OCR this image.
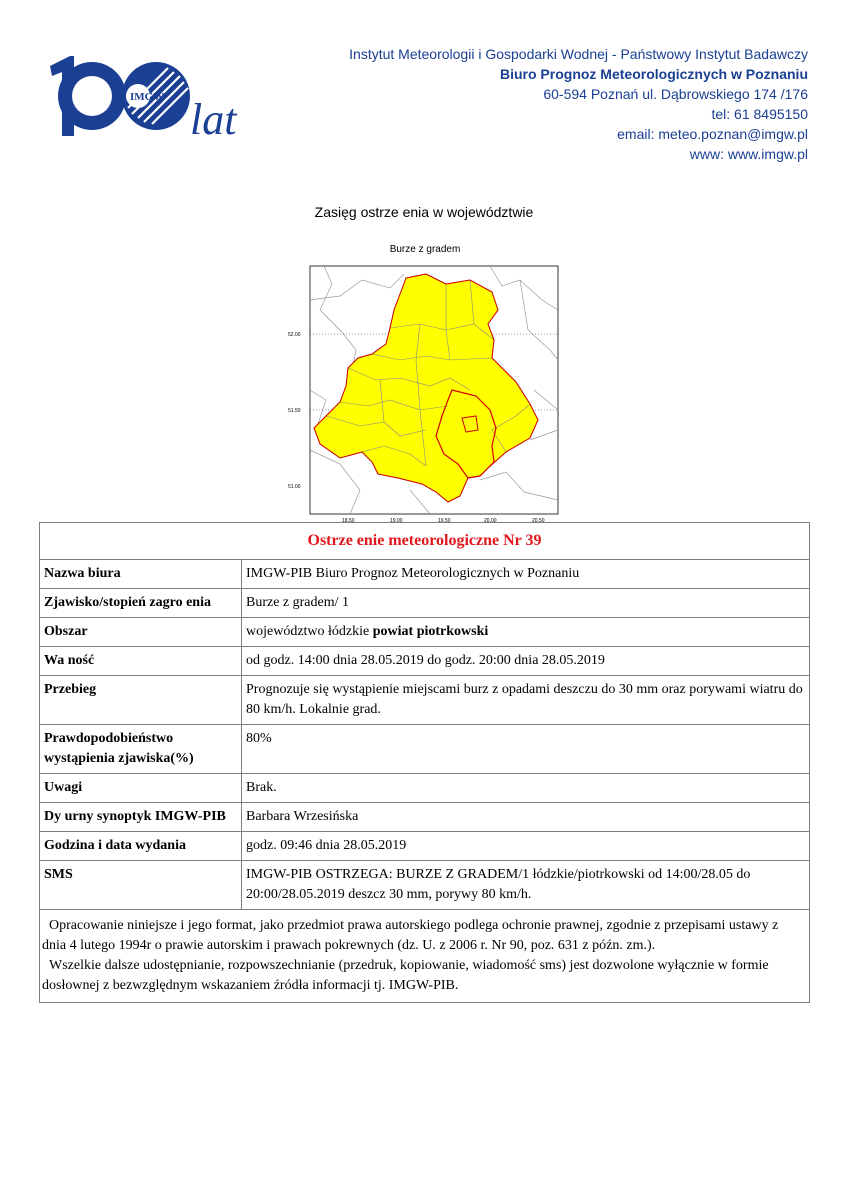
IMGW lat
Instytut Meteorologii i Gospodarki Wodnej - Państwowy Instytut Badawczy
Biuro Prognoz Meteorologicznych w Poznaniu
60-594 Poznań ul. Dąbrowskiego 174 /176
tel: 61 8495150
email: meteo.poznan@imgw.pl
www: www.imgw.pl
Zasięg ostrze enia w województwie
Burze z gradem
52.00
51.50
51.00
18.50	19.00	19.50	20.00	20.50
Ostrze enie meteorologiczne Nr 39	
Nazwa biura	IMGW-PIB Biuro Prognoz Meteorologicznych w Poznaniu
Zjawisko/stopień zagro enia	Burze z gradem/ 1
Obszar	województwo łódzkie powiat piotrkowski
Wa ność	od godz. 14:00 dnia 28.05.2019 do godz. 20:00 dnia 28.05.2019
Przebieg	Prognozuje się wystąpienie miejscami burz z opadami deszczu do 30 mm oraz porywami wiatru do 80 km/h. Lokalnie grad.
Prawdopodobieństwo wystąpienia zjawiska(%)	80%
Uwagi	Brak.
Dy urny synoptyk IMGW-PIB	Barbara Wrzesińska
Godzina i data wydania	godz. 09:46 dnia 28.05.2019
SMS	IMGW-PIB OSTRZEGA: BURZE Z GRADEM/1 łódzkie/piotrkowski od 14:00/28.05 do 20:00/28.05.2019 deszcz 30 mm, porywy 80 km/h.

Opracowanie niniejsze i jego format, jako przedmiot prawa autorskiego podlega ochronie prawnej, zgodnie z przepisami ustawy z dnia 4 lutego 1994r o prawie autorskim i prawach pokrewnych (dz. U. z 2006 r. Nr 90, poz. 631 z późn. zm.).
Wszelkie dalsze udostępnianie, rozpowszechnianie (przedruk, kopiowanie, wiadomość sms) jest dozwolone wyłącznie w formie dosłownej z bezwzględnym wskazaniem źródła informacji tj. IMGW-PIB.	
